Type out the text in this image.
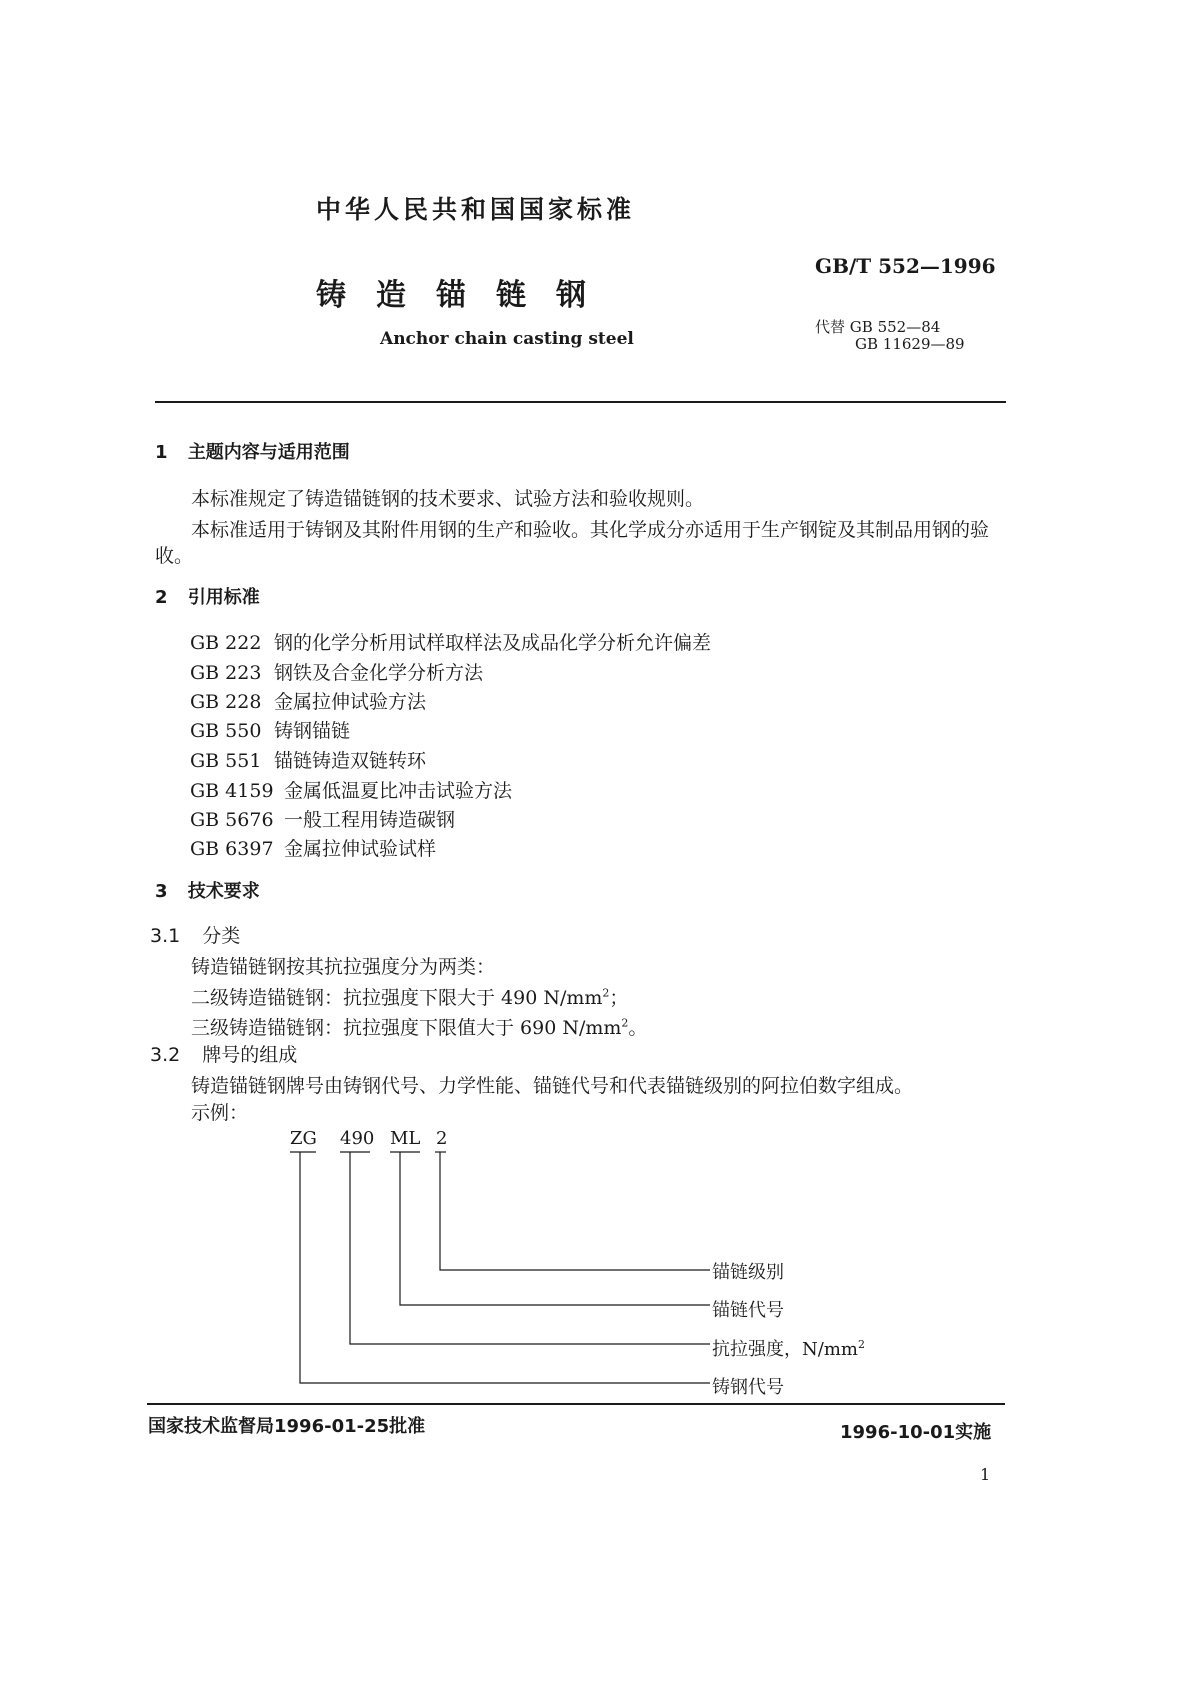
中华人民共和国国家标准
铸　造　锚　链　钢
Anchor chain casting steel
GB/T 552—1996
代替 GB 552—84
GB 11629—89
1 主题内容与适用范围
本标准规定了铸造锚链钢的技术要求、试验方法和验收规则。
本标准适用于铸钢及其附件用钢的生产和验收。其化学成分亦适用于生产钢锭及其制品用钢的验
收。
2 引用标准
GB 222 钢的化学分析用试样取样法及成品化学分析允许偏差
GB 223 钢铁及合金化学分析方法
GB 228 金属拉伸试验方法
GB 550 铸钢锚链
GB 551 锚链铸造双链转环
GB 4159 金属低温夏比冲击试验方法
GB 5676 一般工程用铸造碳钢
GB 6397 金属拉伸试验试样
3 技术要求
3.1 分类
铸造锚链钢按其抗拉强度分为两类：
二级铸造锚链钢：抗拉强度下限大于 490 $N/mm^2$；
三级铸造锚链钢：抗拉强度下限值大于 690 $N/mm^2$。
3.2 牌号的组成
铸造锚链钢牌号由铸钢代号、力学性能、锚链代号和代表锚链级别的阿拉伯数字组成。
示例：
ZG 490 ML 2
锚链级别
锚链代号
抗拉强度，$N/mm^2$
铸钢代号
国家技术监督局1996-01-25批准	1996-10-01实施
1
